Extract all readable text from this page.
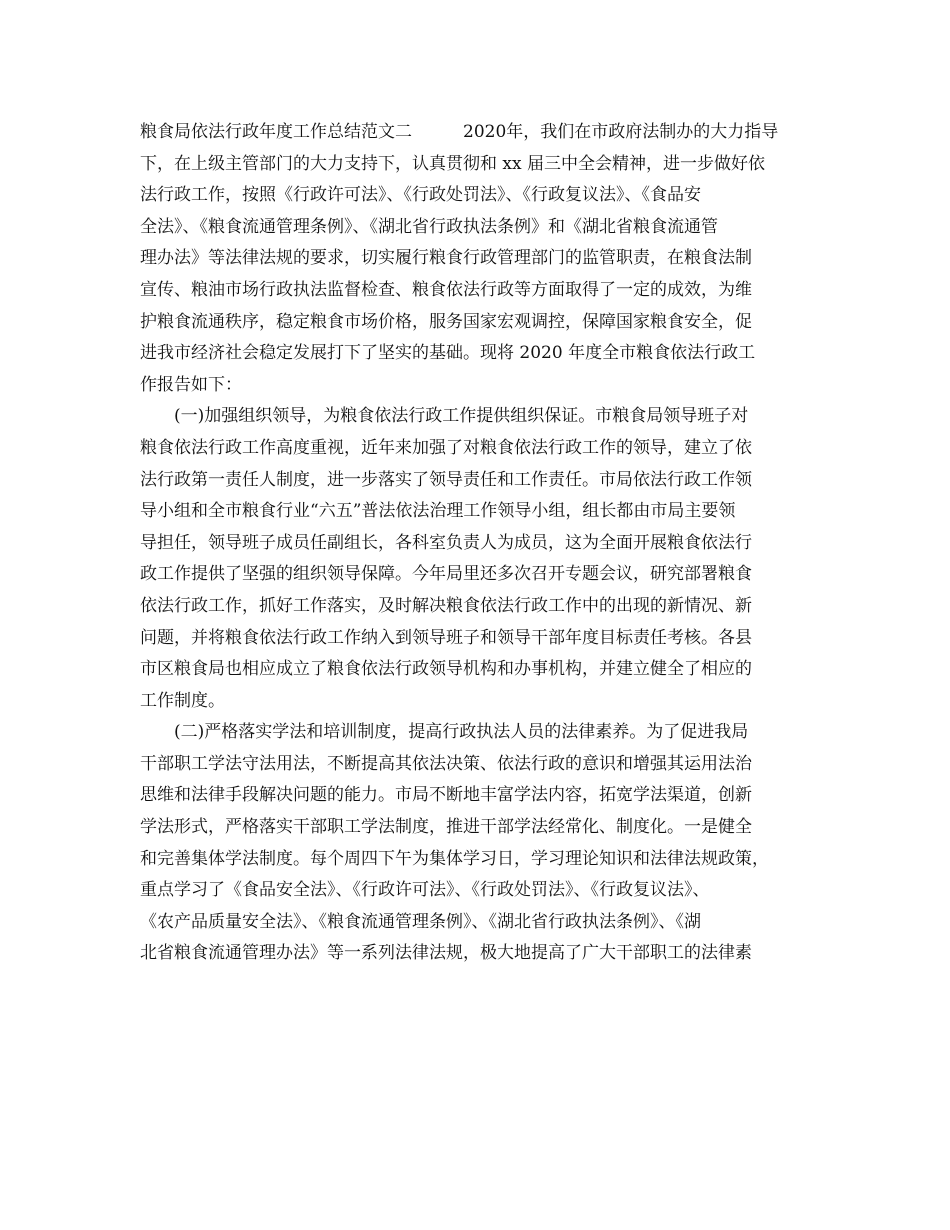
粮食局依法行政年度工作总结范文二　　　2020年，我们在市政府法制办的大力指导
下，在上级主管部门的大力支持下，认真贯彻和 xx 届三中全会精神，进一步做好依
法行政工作，按照《行政许可法》、《行政处罚法》、《行政复议法》、《食品安
全法》、《粮食流通管理条例》、《湖北省行政执法条例》和《湖北省粮食流通管
理办法》等法律法规的要求，切实履行粮食行政管理部门的监管职责，在粮食法制
宣传、粮油市场行政执法监督检查、粮食依法行政等方面取得了一定的成效，为维
护粮食流通秩序，稳定粮食市场价格，服务国家宏观调控，保障国家粮食安全，促
进我市经济社会稳定发展打下了坚实的基础。现将 2020 年度全市粮食依法行政工
作报告如下：
　　(一)加强组织领导，为粮食依法行政工作提供组织保证。市粮食局领导班子对
粮食依法行政工作高度重视，近年来加强了对粮食依法行政工作的领导，建立了依
法行政第一责任人制度，进一步落实了领导责任和工作责任。市局依法行政工作领
导小组和全市粮食行业“六五”普法依法治理工作领导小组，组长都由市局主要领
导担任，领导班子成员任副组长，各科室负责人为成员，这为全面开展粮食依法行
政工作提供了坚强的组织领导保障。今年局里还多次召开专题会议，研究部署粮食
依法行政工作，抓好工作落实，及时解决粮食依法行政工作中的出现的新情况、新
问题，并将粮食依法行政工作纳入到领导班子和领导干部年度目标责任考核。各县
市区粮食局也相应成立了粮食依法行政领导机构和办事机构，并建立健全了相应的
工作制度。
　　(二)严格落实学法和培训制度，提高行政执法人员的法律素养。为了促进我局
干部职工学法守法用法，不断提高其依法决策、依法行政的意识和增强其运用法治
思维和法律手段解决问题的能力。市局不断地丰富学法内容，拓宽学法渠道，创新
学法形式，严格落实干部职工学法制度，推进干部学法经常化、制度化。一是健全
和完善集体学法制度。每个周四下午为集体学习日，学习理论知识和法律法规政策，
重点学习了《食品安全法》、《行政许可法》、《行政处罚法》、《行政复议法》、
《农产品质量安全法》、《粮食流通管理条例》、《湖北省行政执法条例》、《湖
北省粮食流通管理办法》等一系列法律法规，极大地提高了广大干部职工的法律素
